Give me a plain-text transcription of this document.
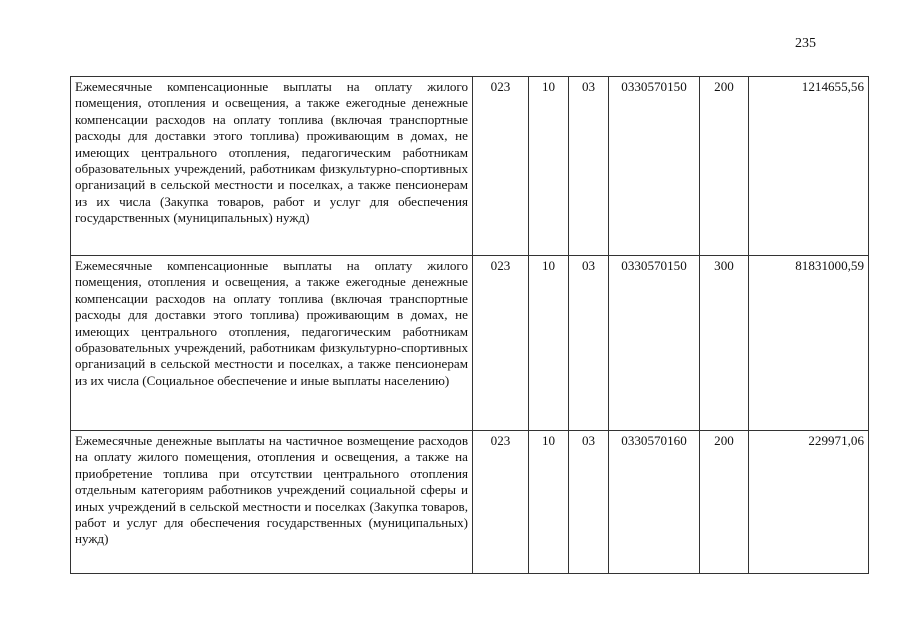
235
Ежемесячные компенсационные выплаты на оплату жилого помещения, отопления и освещения, а также ежегодные денежные компенсации расходов на оплату топлива (включая транспортные расходы для доставки этого топлива) проживающим в домах, не имеющих центрального отопления, педагогическим работникам образовательных учреждений, работникам физкультурно-спортивных организаций в сельской местности и поселках, а также пенсионерам из их числа (Закупка товаров, работ и услуг для обеспечения государственных (муниципальных) нужд)	023	10	03	0330570150	200	1214655,56
Ежемесячные компенсационные выплаты на оплату жилого помещения, отопления и освещения, а также ежегодные денежные компенсации расходов на оплату топлива (включая транспортные расходы для доставки этого топлива) проживающим в домах, не имеющих центрального отопления, педагогическим работникам образовательных учреждений, работникам физкультурно-спортивных организаций в сельской местности и поселках, а также пенсионерам из их числа (Социальное обеспечение и иные выплаты населению)	023	10	03	0330570150	300	81831000,59
Ежемесячные денежные выплаты на частичное возмещение расходов на оплату жилого помещения, отопления и освещения, а также на приобретение топлива при отсутствии центрального отопления отдельным категориям работников учреждений социальной сферы и иных учреждений в сельской местности и поселках (Закупка товаров, работ и услуг для обеспечения государственных (муниципальных) нужд)	023	10	03	0330570160	200	229971,06
